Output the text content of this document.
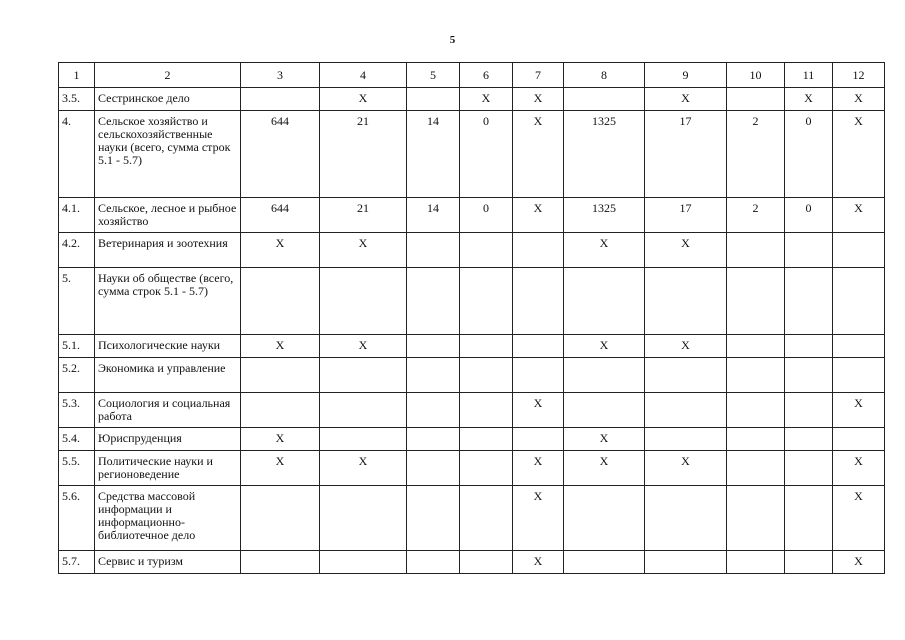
5
1	2	3	4	5	6	7	8	9	10	11	12
3.5.	Сестринское дело		X		X	X		X		X	X
4.	Сельское хозяйство и сельскохозяйственные науки (всего, сумма строк 5.1 - 5.7)	644	21	14	0	X	1325	17	2	0	X
4.1.	Сельское, лесное и рыбное хозяйство	644	21	14	0	X	1325	17	2	0	X
4.2.	Ветеринария и зоотехния	X	X				X	X			
5.	Науки об обществе (всего, сумма строк 5.1 - 5.7)										
5.1.	Психологические науки	X	X				X	X			
5.2.	Экономика и управление										
5.3.	Социология и социальная работа					X					X
5.4.	Юриспруденция	X					X				
5.5.	Политические науки и регионоведение	X	X			X	X	X			X
5.6.	Средства массовой информации и информационно-библиотечное дело					X					X
5.7.	Сервис и туризм					X					X
